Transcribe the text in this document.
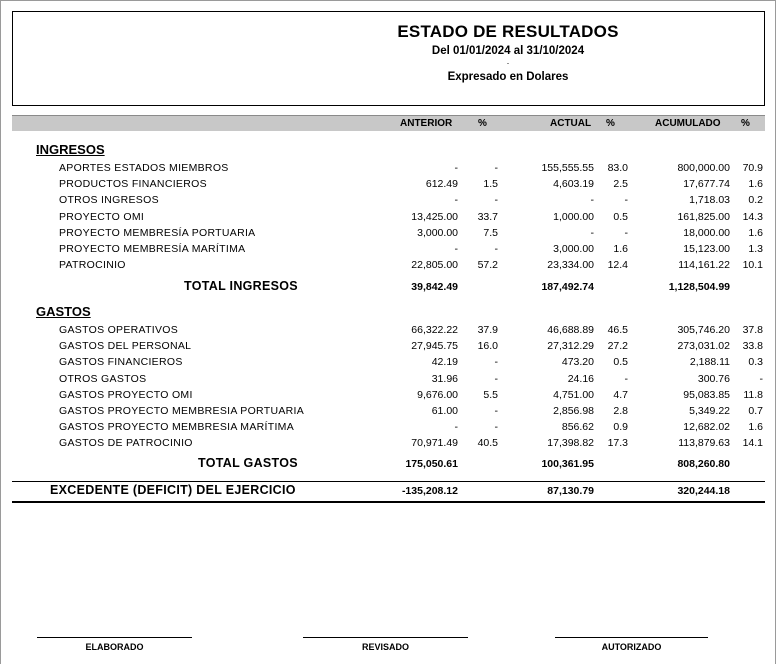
ESTADO DE RESULTADOS
Del 01/01/2024 al 31/10/2024
.
Expresado en Dolares
ANTERIOR	%	ACTUAL %	ACUMULADO %
INGRESOS
APORTES ESTADOS MIEMBROS	-	-	155,555.55 83.0	800,000.00 70.9
PRODUCTOS FINANCIEROS	612.49 1.5	4,603.19 2.5	17,677.74 1.6
OTROS INGRESOS	-	-	-	-	1,718.03 0.2
PROYECTO OMI	13,425.00 33.7	1,000.00 0.5	161,825.00 14.3
PROYECTO MEMBRESÍA PORTUARIA	3,000.00 7.5	-	-	18,000.00 1.6
PROYECTO MEMBRESÍA MARÍTIMA	-	-	3,000.00 1.6	15,123.00 1.3
PATROCINIO	22,805.00 57.2	23,334.00 12.4	114,161.22 10.1
TOTAL INGRESOS	39,842.49	187,492.74	1,128,504.99
GASTOS
GASTOS OPERATIVOS	66,322.22 37.9	46,688.89 46.5	305,746.20 37.8
GASTOS DEL PERSONAL	27,945.75 16.0	27,312.29 27.2	273,031.02 33.8
GASTOS FINANCIEROS	42.19	-	473.20 0.5	2,188.11 0.3
OTROS GASTOS	31.96	-	24.16	-	300.76	-
GASTOS PROYECTO OMI	9,676.00 5.5	4,751.00 4.7	95,083.85 11.8
GASTOS PROYECTO MEMBRESIA PORTUARIA	61.00	-	2,856.98 2.8	5,349.22 0.7
GASTOS PROYECTO MEMBRESIA MARÍTIMA	-	-	856.62 0.9	12,682.02 1.6
GASTOS DE PATROCINIO	70,971.49 40.5	17,398.82 17.3	113,879.63 14.1
TOTAL GASTOS	175,050.61	100,361.95	808,260.80
EXCEDENTE (DEFICIT) DEL EJERCICIO	-135,208.12	87,130.79	320,244.18
ELABORADO	REVISADO	AUTORIZADO
